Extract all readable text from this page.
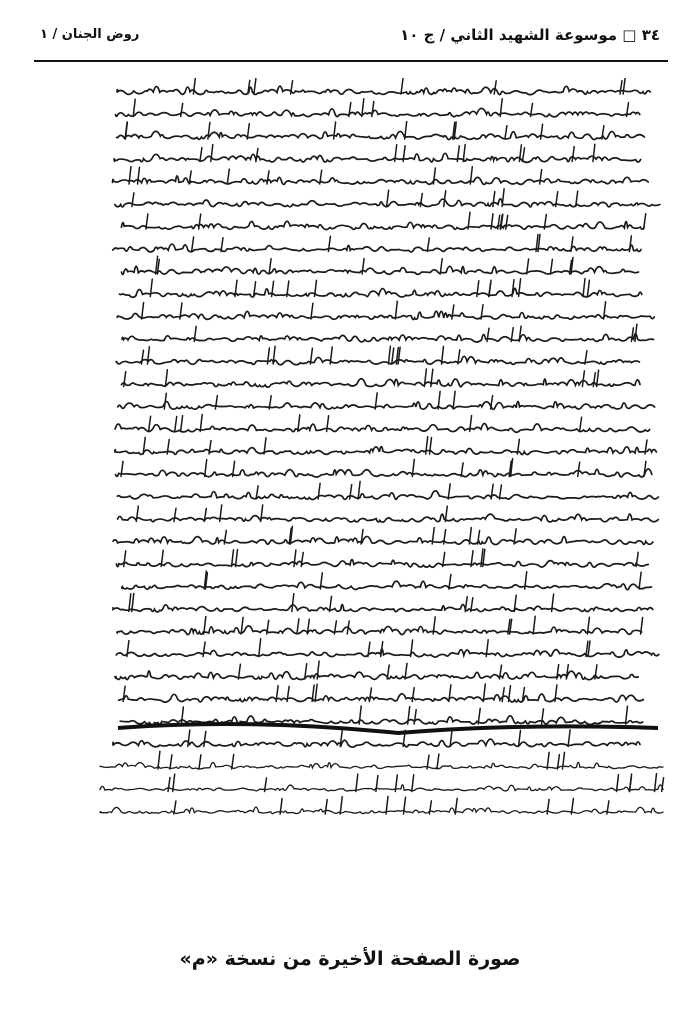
٣٤ □ موسوعة الشهيد الثاني / ج ١٠
روض الجنان / ١
صورة الصفحة الأخيرة من نسخة «م»
